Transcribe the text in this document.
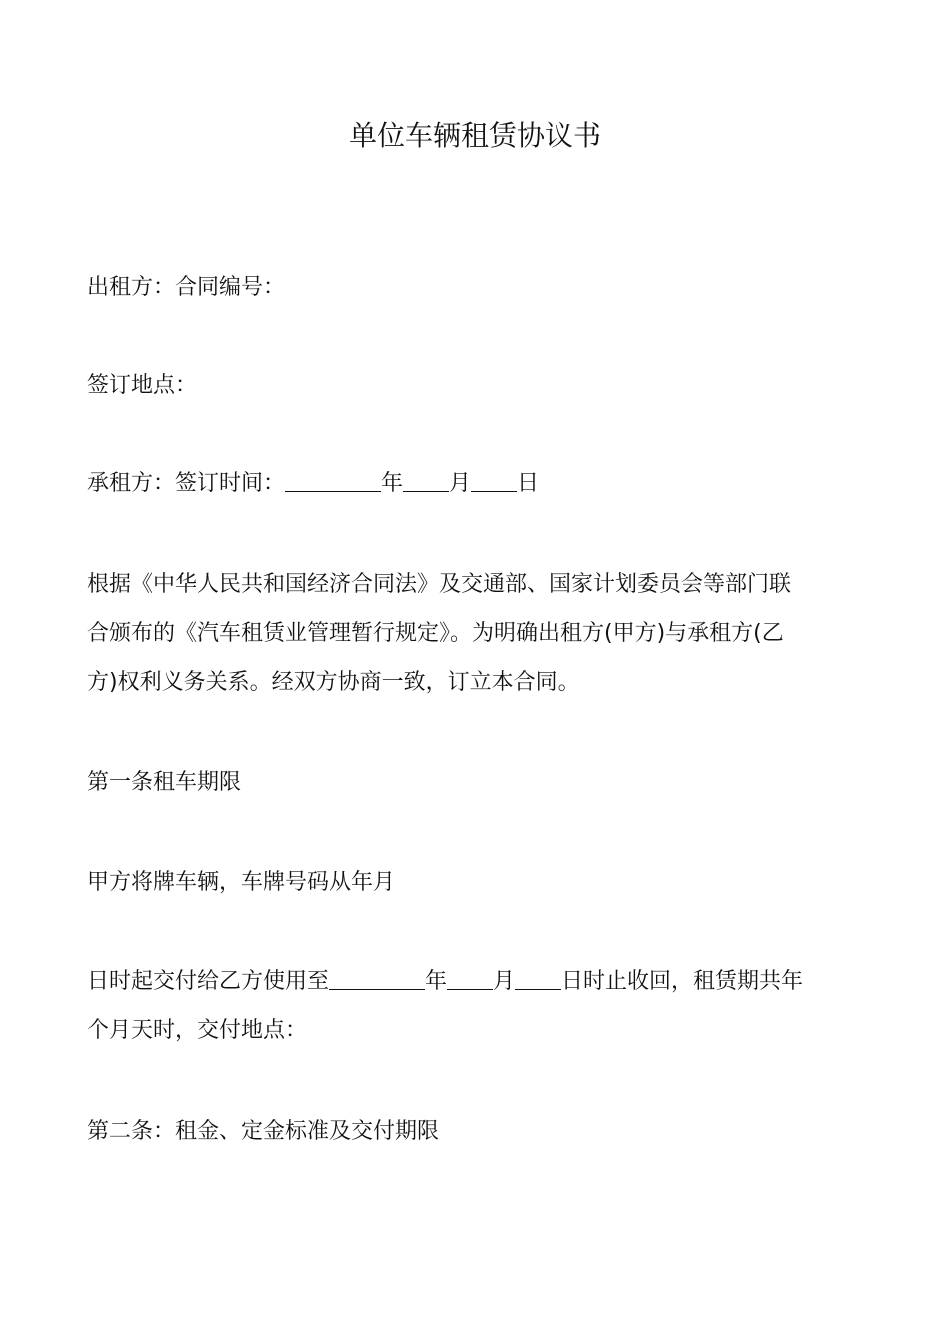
单位车辆租赁协议书

出租方：合同编号：

签订地点：

承租方：签订时间：	年 月 日

根据《中华人民共和国经济合同法》及交通部、国家计划委员会等部门联

合颁布的《汽车租赁业管理暂行规定》。为明确出租方(甲方)与承租方(乙

方)权利义务关系。经双方协商一致，订立本合同。

第一条租车期限

甲方将牌车辆，车牌号码从年月

日时起交付给乙方使用至	年 月 日时止收回，租赁期共年

个月天时，交付地点：

第二条：租金、定金标准及交付期限
